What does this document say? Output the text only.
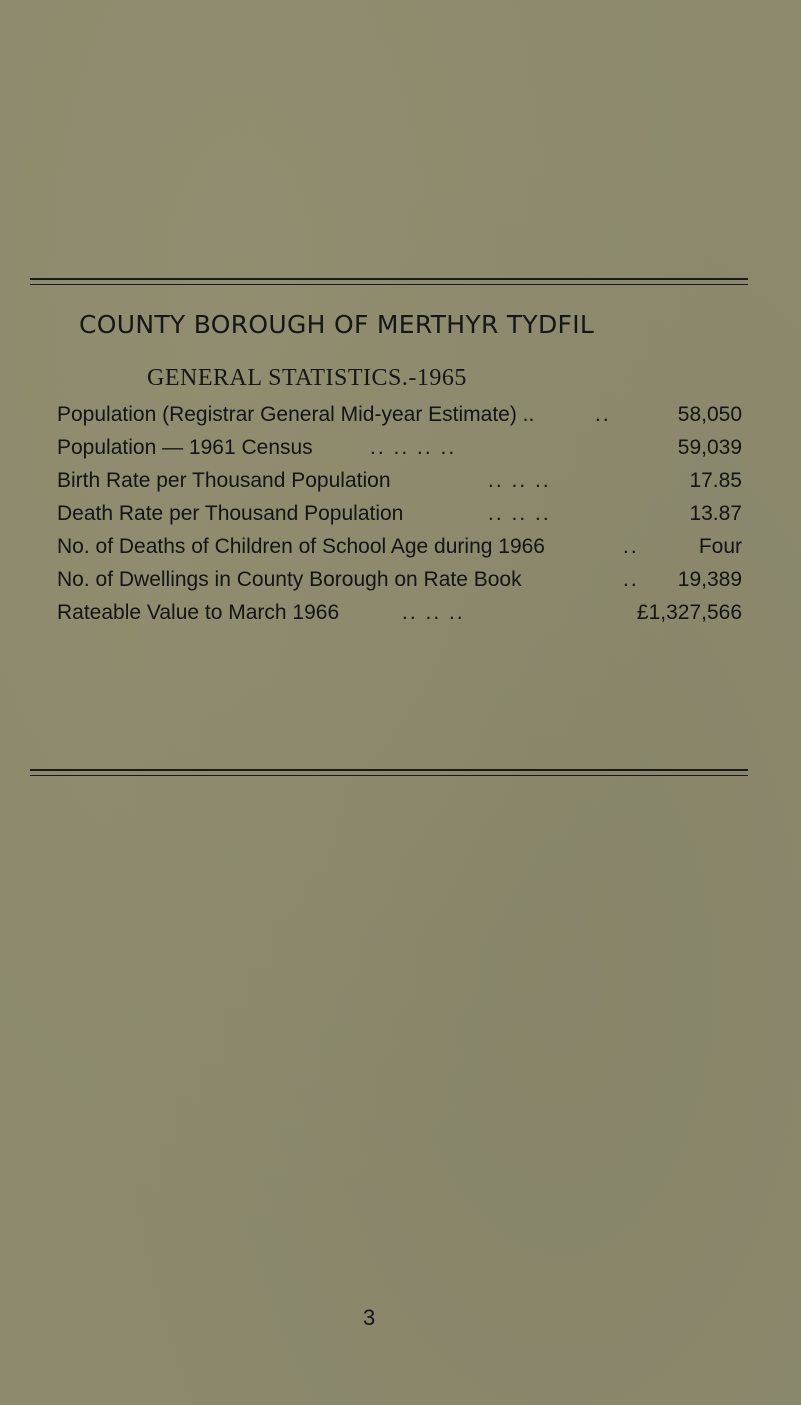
COUNTY BOROUGH OF MERTHYR TYDFIL
GENERAL STATISTICS.-1965
Population (Registrar General Mid-year Estimate) ..	..	58,050
Population — 1961 Census	.. .. .. ..	59,039
Birth Rate per Thousand Population	.. .. ..	17.85
Death Rate per Thousand Population	.. .. ..	13.87
No. of Deaths of Children of School Age during 1966	..	Four
No. of Dwellings in County Borough on Rate Book	.. 19,389
Rateable Value to March 1966	.. .. ..	£1,327,566
3
